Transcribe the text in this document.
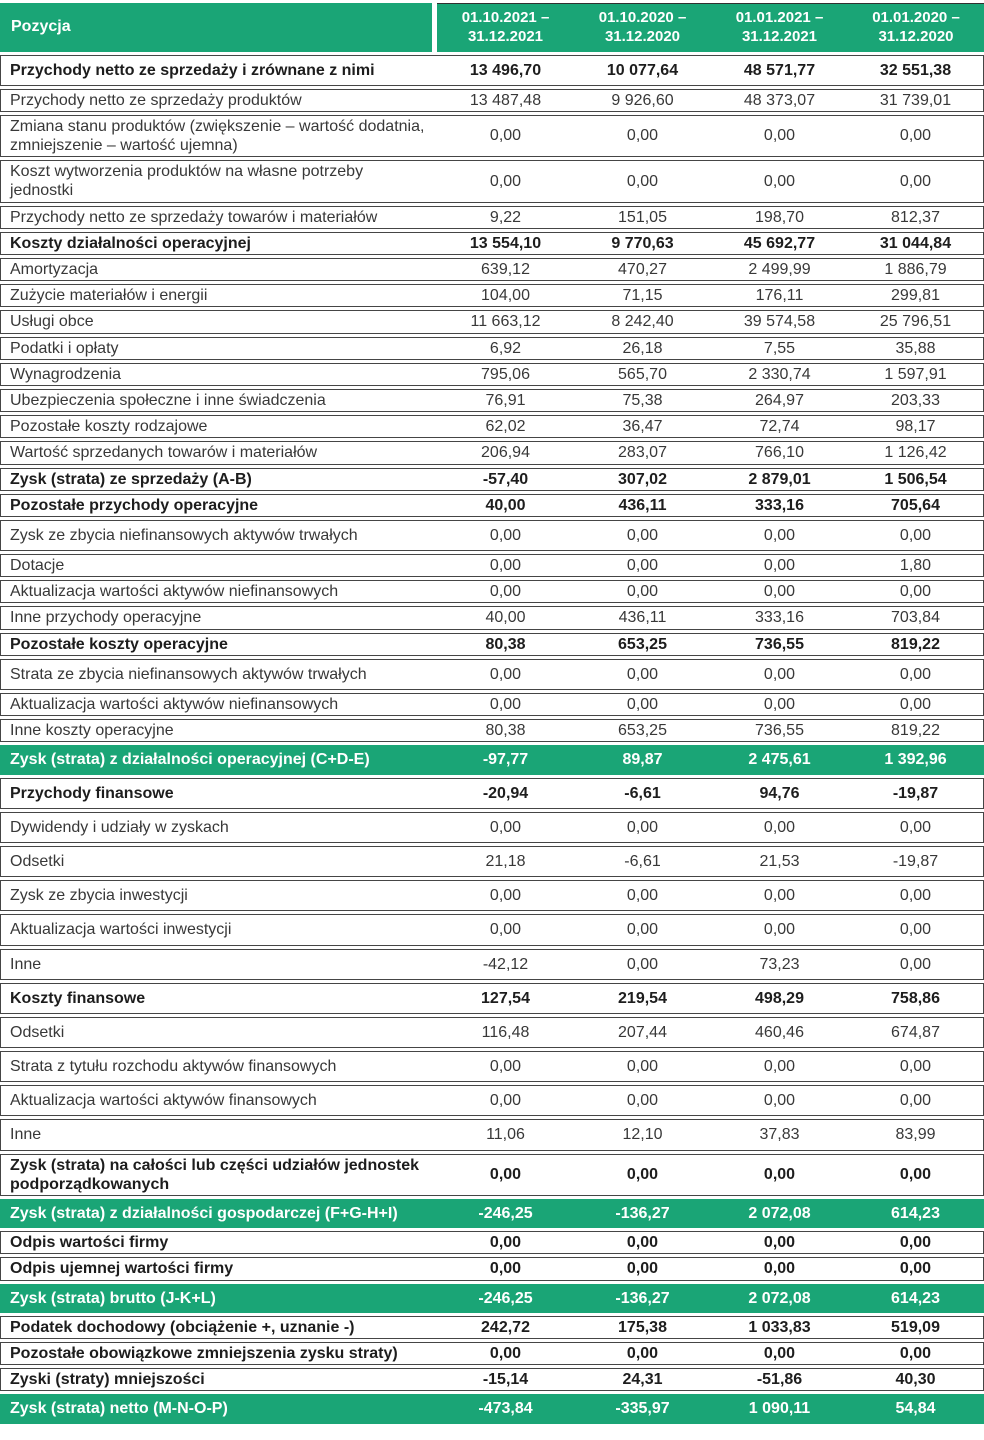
Pozycja	01.10.2021 – 31.12.2021	01.10.2020 – 31.12.2020	01.01.2021 – 31.12.2021	01.01.2020 – 31.12.2020
Przychody netto ze sprzedaży i zrównane z nimi	13 496,70	10 077,64	48 571,77	32 551,38
Przychody netto ze sprzedaży produktów	13 487,48	9 926,60	48 373,07	31 739,01
Zmiana stanu produktów (zwiększenie – wartość dodatnia, zmniejszenie – wartość ujemna)	0,00	0,00	0,00	0,00
Koszt wytworzenia produktów na własne potrzeby jednostki	0,00	0,00	0,00	0,00
Przychody netto ze sprzedaży towarów i materiałów	9,22	151,05	198,70	812,37
Koszty działalności operacyjnej	13 554,10	9 770,63	45 692,77	31 044,84
Amortyzacja	639,12	470,27	2 499,99	1 886,79
Zużycie materiałów i energii	104,00	71,15	176,11	299,81
Usługi obce	11 663,12	8 242,40	39 574,58	25 796,51
Podatki i opłaty	6,92	26,18	7,55	35,88
Wynagrodzenia	795,06	565,70	2 330,74	1 597,91
Ubezpieczenia społeczne i inne świadczenia	76,91	75,38	264,97	203,33
Pozostałe koszty rodzajowe	62,02	36,47	72,74	98,17
Wartość sprzedanych towarów i materiałów	206,94	283,07	766,10	1 126,42
Zysk (strata) ze sprzedaży (A-B)	-57,40	307,02	2 879,01	1 506,54
Pozostałe przychody operacyjne	40,00	436,11	333,16	705,64
Zysk ze zbycia niefinansowych aktywów trwałych	0,00	0,00	0,00	0,00
Dotacje	0,00	0,00	0,00	1,80
Aktualizacja wartości aktywów niefinansowych	0,00	0,00	0,00	0,00
Inne przychody operacyjne	40,00	436,11	333,16	703,84
Pozostałe koszty operacyjne	80,38	653,25	736,55	819,22
Strata ze zbycia niefinansowych aktywów trwałych	0,00	0,00	0,00	0,00
Aktualizacja wartości aktywów niefinansowych	0,00	0,00	0,00	0,00
Inne koszty operacyjne	80,38	653,25	736,55	819,22
Zysk (strata) z działalności operacyjnej (C+D-E)	-97,77	89,87	2 475,61	1 392,96
Przychody finansowe	-20,94	-6,61	94,76	-19,87
Dywidendy i udziały w zyskach	0,00	0,00	0,00	0,00
Odsetki	21,18	-6,61	21,53	-19,87
Zysk ze zbycia inwestycji	0,00	0,00	0,00	0,00
Aktualizacja wartości inwestycji	0,00	0,00	0,00	0,00
Inne	-42,12	0,00	73,23	0,00
Koszty finansowe	127,54	219,54	498,29	758,86
Odsetki	116,48	207,44	460,46	674,87
Strata z tytułu rozchodu aktywów finansowych	0,00	0,00	0,00	0,00
Aktualizacja wartości aktywów finansowych	0,00	0,00	0,00	0,00
Inne	11,06	12,10	37,83	83,99
Zysk (strata) na całości lub części udziałów jednostek podporządkowanych	0,00	0,00	0,00	0,00
Zysk (strata) z działalności gospodarczej (F+G-H+I)	-246,25	-136,27	2 072,08	614,23
Odpis wartości firmy	0,00	0,00	0,00	0,00
Odpis ujemnej wartości firmy	0,00	0,00	0,00	0,00
Zysk (strata) brutto (J-K+L)	-246,25	-136,27	2 072,08	614,23
Podatek dochodowy (obciążenie +, uznanie -)	242,72	175,38	1 033,83	519,09
Pozostałe obowiązkowe zmniejszenia zysku straty)	0,00	0,00	0,00	0,00
Zyski (straty) mniejszości	-15,14	24,31	-51,86	40,30
Zysk (strata) netto (M-N-O-P)	-473,84	-335,97	1 090,11	54,84
